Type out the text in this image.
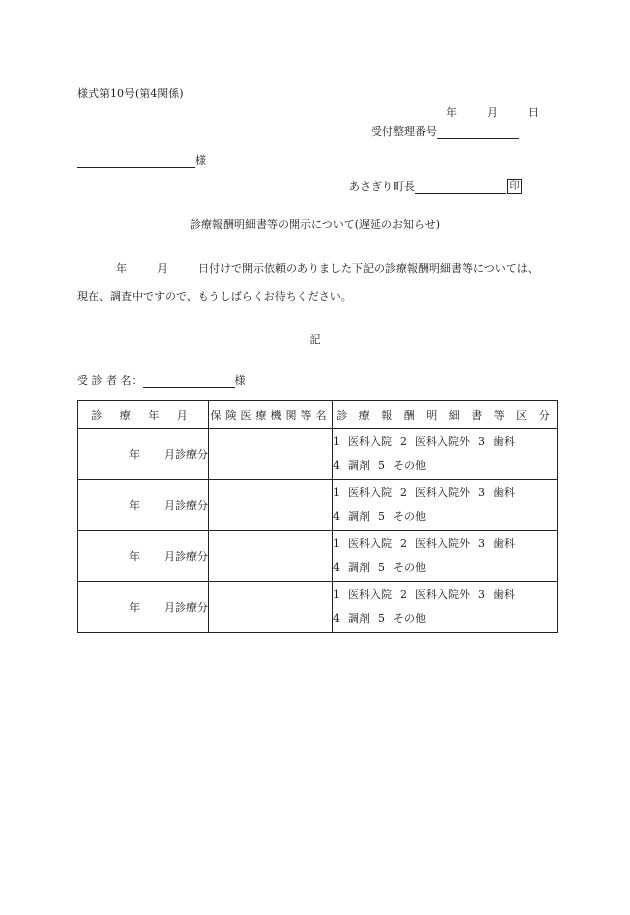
様式第10号(第4関係)
年	月	日
受付整理番号
様
あさぎり町長	印
診療報酬明細書等の開示について(遅延のお知らせ)
年	月	日付けで開示依頼のありました下記の診療報酬明細書等については、
現在、調査中ですので、もうしばらくお待ちください。
記
受 診 者 名：	様
診 療 年 月	保険医療機関等名	診 療 報 酬 明 細 書 等 区 分
年 月診療分		1 医科入院 2 医科入院外 3 歯科
4 調剤 5 その他

年 月診療分		1 医科入院 2 医科入院外 3 歯科
4 調剤 5 その他

年 月診療分		1 医科入院 2 医科入院外 3 歯科
4 調剤 5 その他

年 月診療分		1 医科入院 2 医科入院外 3 歯科
4 調剤 5 その他
